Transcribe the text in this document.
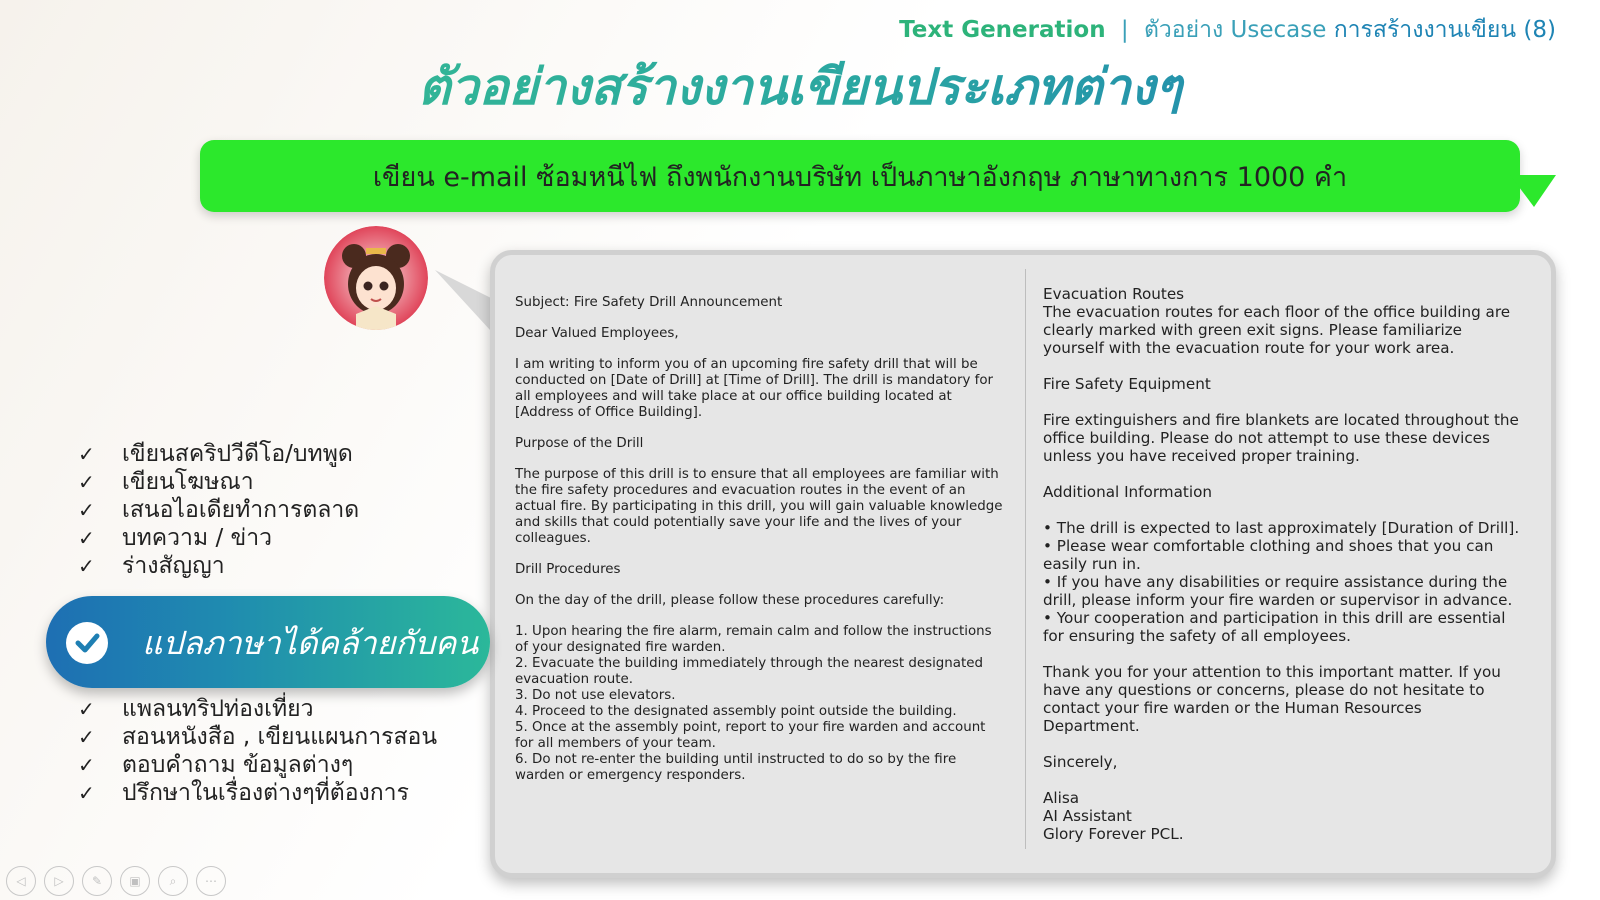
Text Generation | ตัวอย่าง Usecase การสร้างงานเขียน (8)
ตัวอย่างสร้างงานเขียนประเภทต่างๆ
เขียน e-mail ซ้อมหนีไฟ ถึงพนักงานบริษัท เป็นภาษาอังกฤษ ภาษาทางการ 1000 คำ

Subject: Fire Safety Drill Announcement

Dear Valued Employees,

I am writing to inform you of an upcoming fire safety drill that will be conducted on [Date of Drill] at [Time of Drill]. The drill is mandatory for all employees and will take place at our office building located at [Address of Office Building].

Purpose of the Drill

The purpose of this drill is to ensure that all employees are familiar with the fire safety procedures and evacuation routes in the event of an actual fire. By participating in this drill, you will gain valuable knowledge and skills that could potentially save your life and the lives of your colleagues.

Drill Procedures

On the day of the drill, please follow these procedures carefully:

1. Upon hearing the fire alarm, remain calm and follow the instructions of your designated fire warden.
2. Evacuate the building immediately through the nearest designated evacuation route.
3. Do not use elevators.
4. Proceed to the designated assembly point outside the building.
5. Once at the assembly point, report to your fire warden and account for all members of your team.
6. Do not re-enter the building until instructed to do so by the fire warden or emergency responders.

Evacuation Routes
The evacuation routes for each floor of the office building are clearly marked with green exit signs. Please familiarize yourself with the evacuation route for your work area.

Fire Safety Equipment

Fire extinguishers and fire blankets are located throughout the office building. Please do not attempt to use these devices unless you have received proper training.

Additional Information

• The drill is expected to last approximately [Duration of Drill].
• Please wear comfortable clothing and shoes that you can easily run in.
• If you have any disabilities or require assistance during the drill, please inform your fire warden or supervisor in advance.
• Your cooperation and participation in this drill are essential for ensuring the safety of all employees.

Thank you for your attention to this important matter. If you have any questions or concerns, please do not hesitate to contact your fire warden or the Human Resources Department.

Sincerely,

Alisa
AI Assistant
Glory Forever PCL.

✓ เขียนสคริปวีดีโอ/บทพูด
✓ เขียนโฆษณา
✓ เสนอไอเดียทำการตลาด
✓ บทความ / ข่าว
✓ ร่างสัญญา
แปลภาษาได้คล้ายกับคน
✓ แพลนทริปท่องเที่ยว
✓ สอนหนังสือ , เขียนแผนการสอน
✓ ตอบคำถาม ข้อมูลต่างๆ
✓ ปรึกษาในเรื่องต่างๆที่ต้องการ
◁	▷	✎	▣	⌕	⋯
